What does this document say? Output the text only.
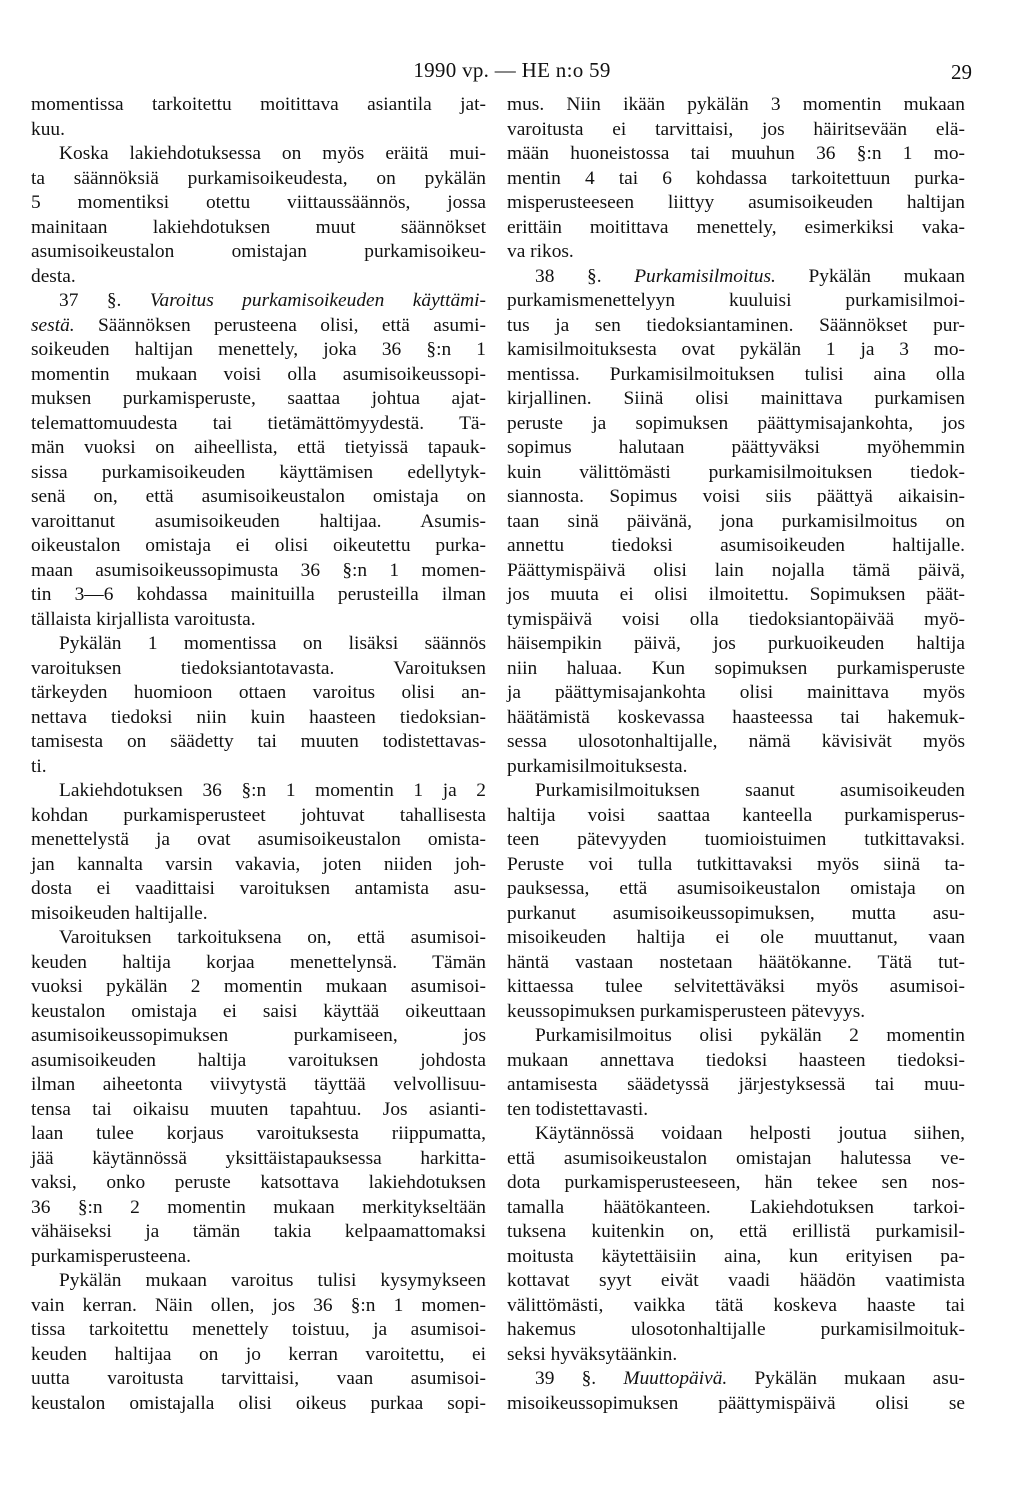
1990 vp. — HE n:o 59	29
momentissa tarkoitettu moitittava asiantila jat-
kuu.
Koska lakiehdotuksessa on myös eräitä mui-
ta säännöksiä purkamisoikeudesta, on pykälän
5 momentiksi otettu viittaussäännös, jossa
mainitaan lakiehdotuksen muut säännökset
asumisoikeustalon omistajan purkamisoikeu-
desta.
37 §. Varoitus purkamisoikeuden käyttämi-
sestä. Säännöksen perusteena olisi, että asumi-
soikeuden haltijan menettely, joka 36 §:n 1
momentin mukaan voisi olla asumisoikeussopi-
muksen purkamisperuste, saattaa johtua ajat-
telemattomuudesta tai tietämättömyydestä. Tä-
män vuoksi on aiheellista, että tietyissä tapauk-
sissa purkamisoikeuden käyttämisen edellytyk-
senä on, että asumisoikeustalon omistaja on
varoittanut asumisoikeuden haltijaa. Asumis-
oikeustalon omistaja ei olisi oikeutettu purka-
maan asumisoikeussopimusta 36 §:n 1 momen-
tin 3—6 kohdassa mainituilla perusteilla ilman
tällaista kirjallista varoitusta.
Pykälän 1 momentissa on lisäksi säännös
varoituksen tiedoksiantotavasta. Varoituksen
tärkeyden huomioon ottaen varoitus olisi an-
nettava tiedoksi niin kuin haasteen tiedoksian-
tamisesta on säädetty tai muuten todistettavas-
ti.
Lakiehdotuksen 36 §:n 1 momentin 1 ja 2
kohdan purkamisperusteet johtuvat tahallisesta
menettelystä ja ovat asumisoikeustalon omista-
jan kannalta varsin vakavia, joten niiden joh-
dosta ei vaadittaisi varoituksen antamista asu-
misoikeuden haltijalle.
Varoituksen tarkoituksena on, että asumisoi-
keuden haltija korjaa menettelynsä. Tämän
vuoksi pykälän 2 momentin mukaan asumisoi-
keustalon omistaja ei saisi käyttää oikeuttaan
asumisoikeussopimuksen purkamiseen, jos
asumisoikeuden haltija varoituksen johdosta
ilman aiheetonta viivytystä täyttää velvollisuu-
tensa tai oikaisu muuten tapahtuu. Jos asianti-
laan tulee korjaus varoituksesta riippumatta,
jää käytännössä yksittäistapauksessa harkitta-
vaksi, onko peruste katsottava lakiehdotuksen
36 §:n 2 momentin mukaan merkitykseltään
vähäiseksi ja tämän takia kelpaamattomaksi
purkamisperusteena.
Pykälän mukaan varoitus tulisi kysymykseen
vain kerran. Näin ollen, jos 36 §:n 1 momen-
tissa tarkoitettu menettely toistuu, ja asumisoi-
keuden haltijaa on jo kerran varoitettu, ei
uutta varoitusta tarvittaisi, vaan asumisoi-
keustalon omistajalla olisi oikeus purkaa sopi-
mus. Niin ikään pykälän 3 momentin mukaan
varoitusta ei tarvittaisi, jos häiritsevään elä-
mään huoneistossa tai muuhun 36 §:n 1 mo-
mentin 4 tai 6 kohdassa tarkoitettuun purka-
misperusteeseen liittyy asumisoikeuden haltijan
erittäin moitittava menettely, esimerkiksi vaka-
va rikos.
38 §. Purkamisilmoitus. Pykälän mukaan
purkamismenettelyyn kuuluisi purkamisilmoi-
tus ja sen tiedoksiantaminen. Säännökset pur-
kamisilmoituksesta ovat pykälän 1 ja 3 mo-
mentissa. Purkamisilmoituksen tulisi aina olla
kirjallinen. Siinä olisi mainittava purkamisen
peruste ja sopimuksen päättymisajankohta, jos
sopimus halutaan päättyväksi myöhemmin
kuin välittömästi purkamisilmoituksen tiedok-
siannosta. Sopimus voisi siis päättyä aikaisin-
taan sinä päivänä, jona purkamisilmoitus on
annettu tiedoksi asumisoikeuden haltijalle.
Päättymispäivä olisi lain nojalla tämä päivä,
jos muuta ei olisi ilmoitettu. Sopimuksen päät-
tymispäivä voisi olla tiedoksiantopäivää myö-
häisempikin päivä, jos purkuoikeuden haltija
niin haluaa. Kun sopimuksen purkamisperuste
ja päättymisajankohta olisi mainittava myös
häätämistä koskevassa haasteessa tai hakemuk-
sessa ulosotonhaltijalle, nämä kävisivät myös
purkamisilmoituksesta.
Purkamisilmoituksen saanut asumisoikeuden
haltija voisi saattaa kanteella purkamisperus-
teen pätevyyden tuomioistuimen tutkittavaksi.
Peruste voi tulla tutkittavaksi myös siinä ta-
pauksessa, että asumisoikeustalon omistaja on
purkanut asumisoikeussopimuksen, mutta asu-
misoikeuden haltija ei ole muuttanut, vaan
häntä vastaan nostetaan häätökanne. Tätä tut-
kittaessa tulee selvitettäväksi myös asumisoi-
keussopimuksen purkamisperusteen pätevyys.
Purkamisilmoitus olisi pykälän 2 momentin
mukaan annettava tiedoksi haasteen tiedoksi-
antamisesta säädetyssä järjestyksessä tai muu-
ten todistettavasti.
Käytännössä voidaan helposti joutua siihen,
että asumisoikeustalon omistajan halutessa ve-
dota purkamisperusteeseen, hän tekee sen nos-
tamalla häätökanteen. Lakiehdotuksen tarkoi-
tuksena kuitenkin on, että erillistä purkamisil-
moitusta käytettäisiin aina, kun erityisen pa-
kottavat syyt eivät vaadi häädön vaatimista
välittömästi, vaikka tätä koskeva haaste tai
hakemus ulosotonhaltijalle purkamisilmoituk-
seksi hyväksytäänkin.
39 §. Muuttopäivä. Pykälän mukaan asu-
misoikeussopimuksen päättymispäivä olisi se
